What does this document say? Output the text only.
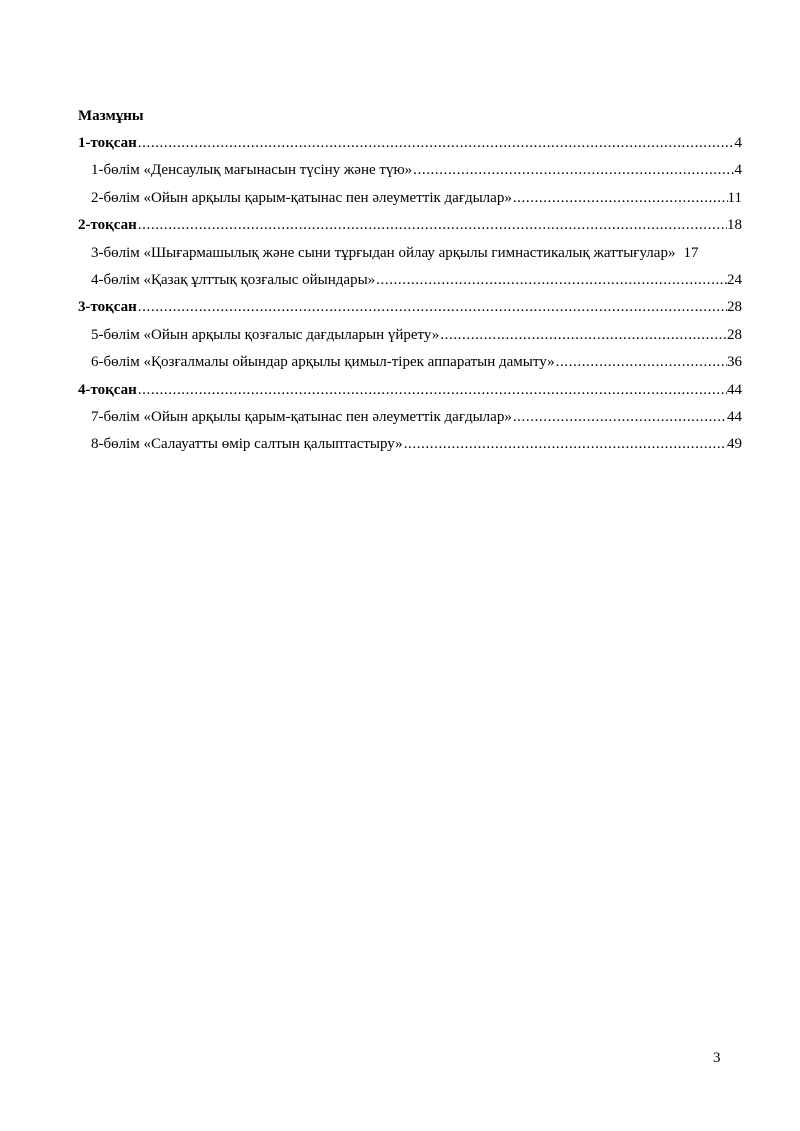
Мазмұны
1-тоқсан .....	4
1-бөлім «Денсаулық мағынасын түсіну және түю» .....	4
2-бөлім «Ойын арқылы қарым-қатынас пен әлеуметтік дағдылар» .....	11
2-тоқсан .....	18
3-бөлім «Шығармашылық және сыни тұрғыдан ойлау арқылы гимнастикалық жаттығулар» 17
4-бөлім «Қазақ ұлттық қозғалыс ойындары» .....	24
3-тоқсан .....	28
5-бөлім «Ойын арқылы қозғалыс дағдыларын үйрету» .....	28
6-бөлім «Қозғалмалы ойындар арқылы қимыл-тірек аппаратын дамыту» .....	36
4-тоқсан .....	44
7-бөлім «Ойын арқылы қарым-қатынас пен әлеуметтік дағдылар» .....	44
8-бөлім «Салауатты өмір салтын қалыптастыру» .....	49
3
